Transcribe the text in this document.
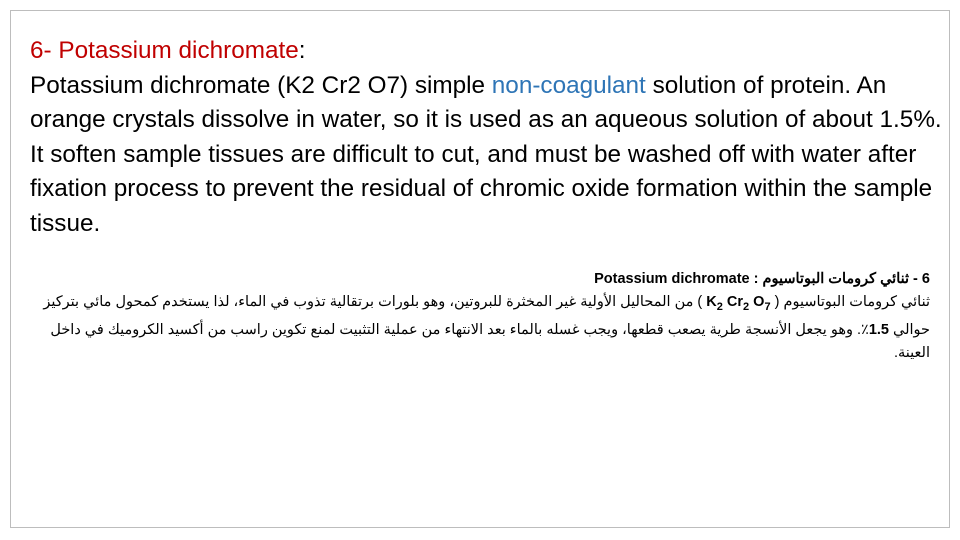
6- Potassium dichromate:
Potassium dichromate (K2 Cr2 O7) simple non-coagulant solution of protein. An orange crystals dissolve in water, so it is used as an aqueous solution of about 1.5%. It soften sample tissues are difficult to cut, and must be washed off with water after fixation process to prevent the residual of chromic oxide formation within the sample tissue.
6 - ثنائي كرومات البوتاسيوم Potassium dichromate :
ثنائي كرومات البوتاسيوم ( $K_2$ $Cr_2$ $O_7$ ) من المحاليل الأولية غير المخثرة للبروتين، وهو بلورات برتقالية تذوب في الماء، لذا يستخدم كمحول مائي بتركيز حوالي 1.5٪. وهو يجعل الأنسجة طرية يصعب قطعها، ويجب غسله بالماء بعد الانتهاء من عملية التثبيت لمنع تكوين راسب من أكسيد الكروميك في داخل العينة.
